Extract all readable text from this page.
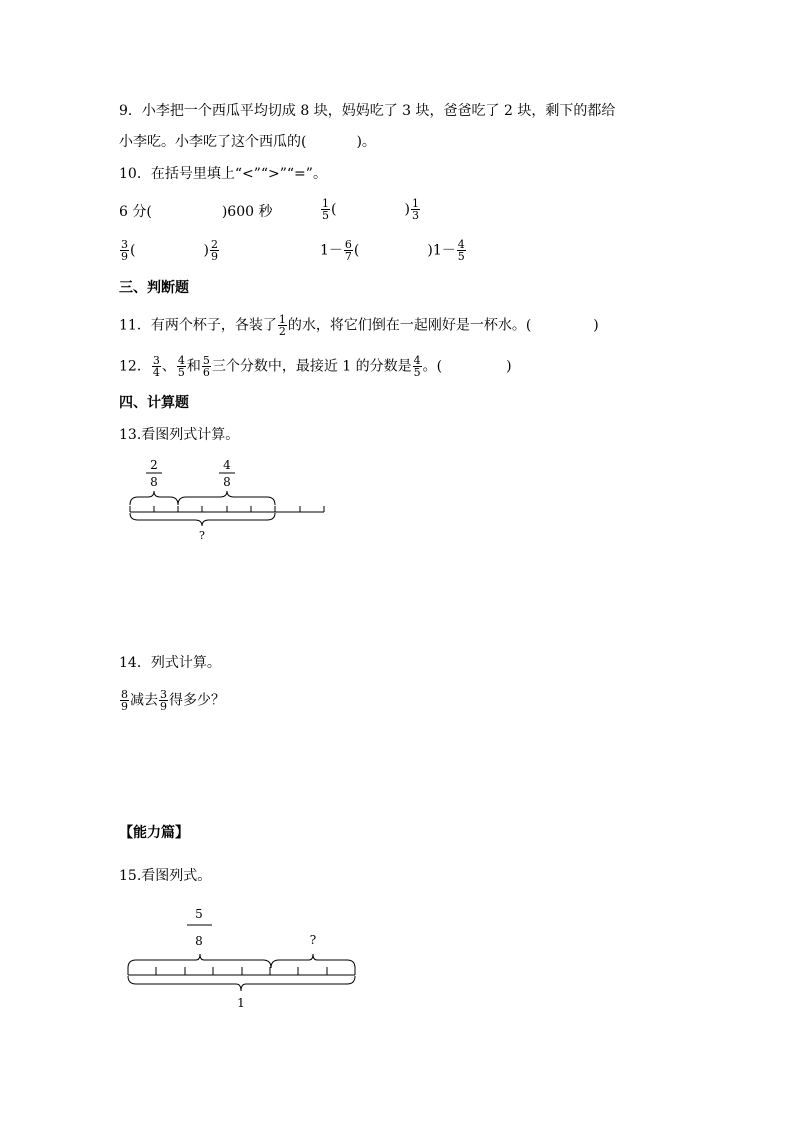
9．小李把一个西瓜平均切成 8 块，妈妈吃了 3 块，爸爸吃了 2 块，剩下的都给
小李吃。小李吃了这个西瓜的(	)。
10．在括号里填上“<”“>”“=”。
6 分(	)600 秒	$\frac{1}{5}$ (	) $\frac{1}{3}$
$\frac{3}{9}$ (	) $\frac{2}{9}$	$1- \frac{6}{7}$ (	)$1- \frac{4}{5}$
三、判断题
11．有两个杯子，各装了 $\frac{1}{2}$ 的水，将它们倒在一起刚好是一杯水。(	)
12． $\frac{3}{4}$ 、 $\frac{4}{5}$ 和 $\frac{5}{6}$ 三个分数中，最接近 1 的分数是 $\frac{4}{5}$ 。(	)
四、计算题
13.看图列式计算。
2
8
4
8
?
14．列式计算。
$\frac{8}{9}$ 减去 $\frac{3}{9}$ 得多少？
【能力篇】
15.看图列式。
5
8	?
1
